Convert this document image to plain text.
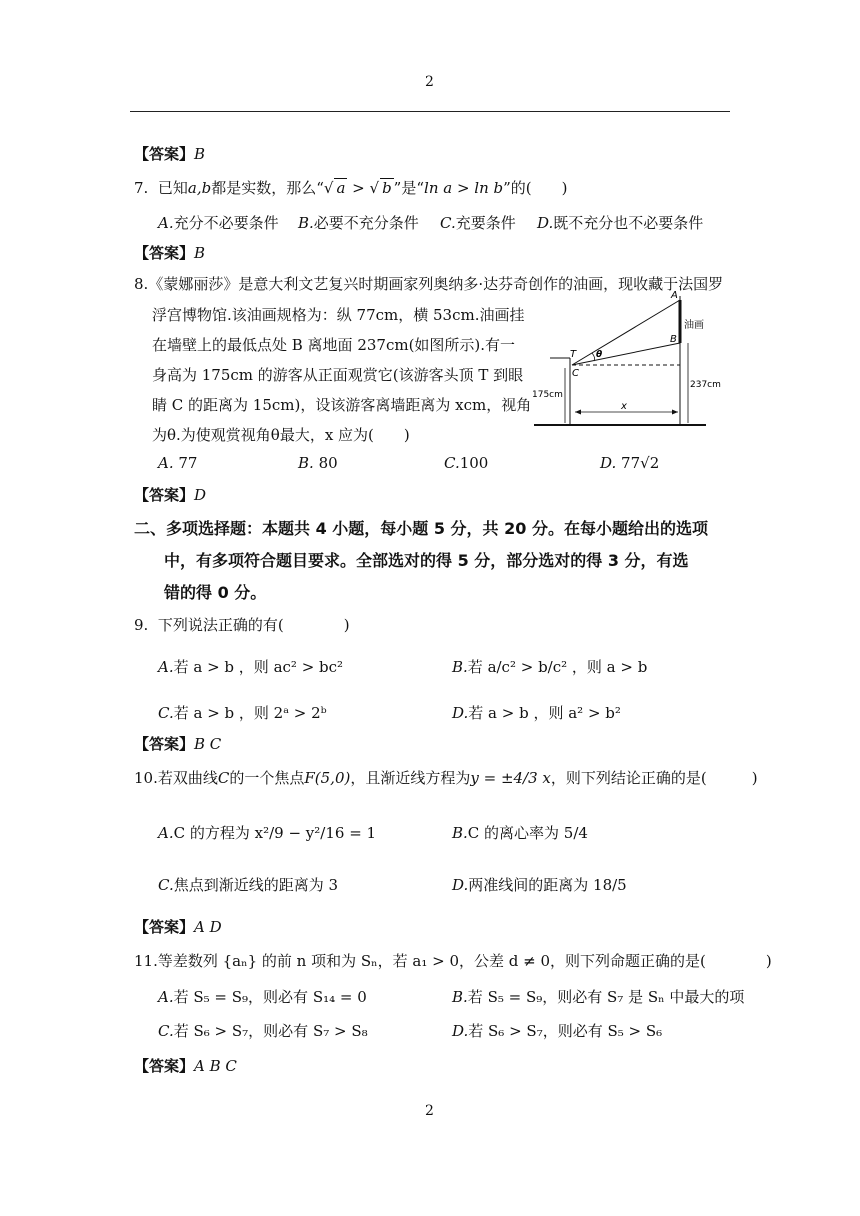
2
【答案】B
7. 已知a,b都是实数，那么“√ a > √ b ”是“ln a > ln b”的(　　)
A.充分不必要条件 B.必要不充分条件 C.充要条件 D.既不充分也不必要条件
【答案】B
8.《蒙娜丽莎》是意大利文艺复兴时期画家列奥纳多·达芬奇创作的油画，现收藏于法国罗
浮宫博物馆.该油画规格为：纵 77cm，横 53cm.油画挂
在墙壁上的最低点处 B 离地面 237cm(如图所示).有一
身高为 175cm 的游客从正面观赏它(该游客头顶 T 到眼
睛 C 的距离为 15cm)，设该游客离墙距离为 xcm，视角
为θ.为使观赏视角θ最大，x 应为(　　)
A
B
T
C
θ
油画
175cm
237cm
x
A. 77	B. 80	C.100	D. 77√2
【答案】D
二、多项选择题：本题共 4 小题，每小题 5 分，共 20 分。在每小题给出的选项
中，有多项符合题目要求。全部选对的得 5 分，部分选对的得 3 分，有选
错的得 0 分。
9. 下列说法正确的有(　　　　)
A.若 a > b ，则 ac² > bc²	B.若 a/c² > b/c² ，则 a > b
C.若 a > b ，则 2ᵃ > 2ᵇ	D.若 a > b ，则 a² > b²
【答案】B C
10.若双曲线C的一个焦点F(5,0)，且渐近线方程为y = ±4/3 x，则下列结论正确的是(　　　)
A.C 的方程为 x²/9 − y²/16 = 1	B.C 的离心率为 5/4
C.焦点到渐近线的距离为 3	D.两准线间的距离为 18/5
【答案】A D
11.等差数列 {aₙ} 的前 n 项和为 Sₙ，若 a₁ > 0，公差 d ≠ 0，则下列命题正确的是(　　　　)
A.若 S₅ = S₉，则必有 S₁₄ = 0	B.若 S₅ = S₉，则必有 S₇ 是 Sₙ 中最大的项
C.若 S₆ > S₇，则必有 S₇ > S₈	D.若 S₆ > S₇，则必有 S₅ > S₆
【答案】A B C
2
